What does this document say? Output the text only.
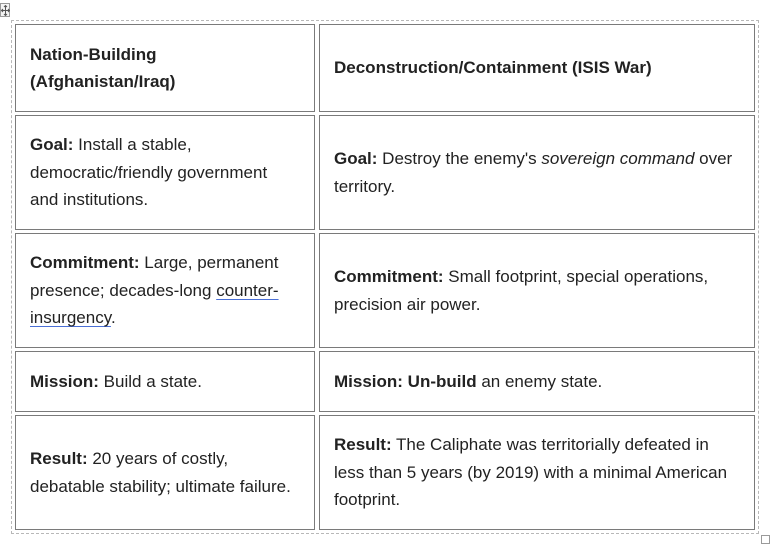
Nation-Building (Afghanistan/Iraq)
Deconstruction/Containment (ISIS War)
Goal: Install a stable, democratic/friendly government and institutions.
Goal: Destroy the enemy's sovereign command over territory.
Commitment: Large, permanent presence; decades-long counter-insurgency.
Commitment: Small footprint, special operations, precision air power.
Mission: Build a state.	Mission: Un-build an enemy state.
Result: 20 years of costly, debatable stability; ultimate failure.
Result: The Caliphate was territorially defeated in less than 5 years (by 2019) with a minimal American footprint.
